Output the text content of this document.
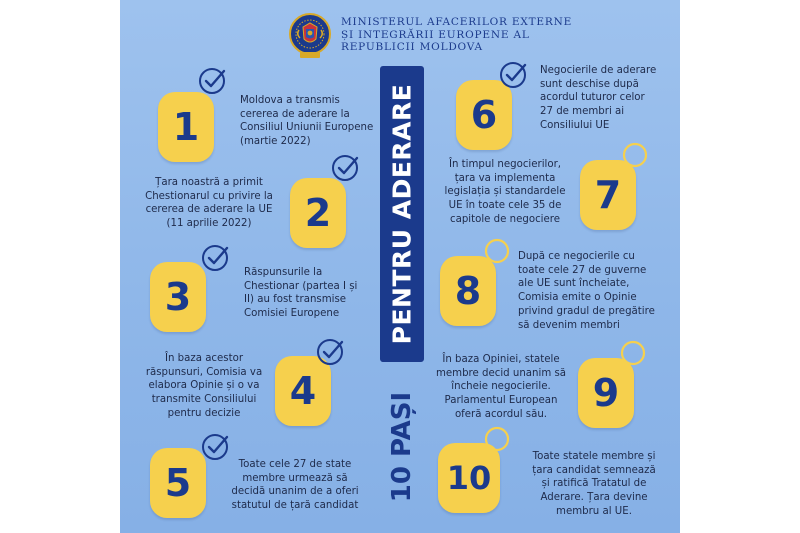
MINISTERUL AFACERILOR EXTERNE
ȘI INTEGRĂRII EUROPENE AL
REPUBLICII MOLDOVA
PENTRU ADERARE
10 PAȘI
1
Moldova a transmis
cererea de aderare la
Consiliul Uniunii Europene
(martie 2022)
2
Țara noastră a primit
Chestionarul cu privire la
cererea de aderare la UE
(11 aprilie 2022)
3
Răspunsurile la
Chestionar (partea I și
II) au fost transmise
Comisiei Europene
4
În baza acestor
răspunsuri, Comisia va
elabora Opinie și o va
transmite Consiliului
pentru decizie
5	Toate cele 27 de state
membre urmează să
decidă unanim de a oferi
statutul de țară candidat
6
Negocierile de aderare
sunt deschise după
acordul tuturor celor
27 de membri ai
Consiliului UE
7
În timpul negocierilor,
țara va implementa
legislația și standardele
UE în toate cele 35 de
capitole de negociere
8
După ce negocierile cu
toate cele 27 de guverne
ale UE sunt încheiate,
Comisia emite o Opinie
privind gradul de pregătire
să devenim membri
9
În baza Opiniei, statele
membre decid unanim să
încheie negocierile.
Parlamentul European
oferă acordul său.
10
Toate statele membre și
țara candidat semnează
și ratifică Tratatul de
Aderare. Țara devine
membru al UE.
